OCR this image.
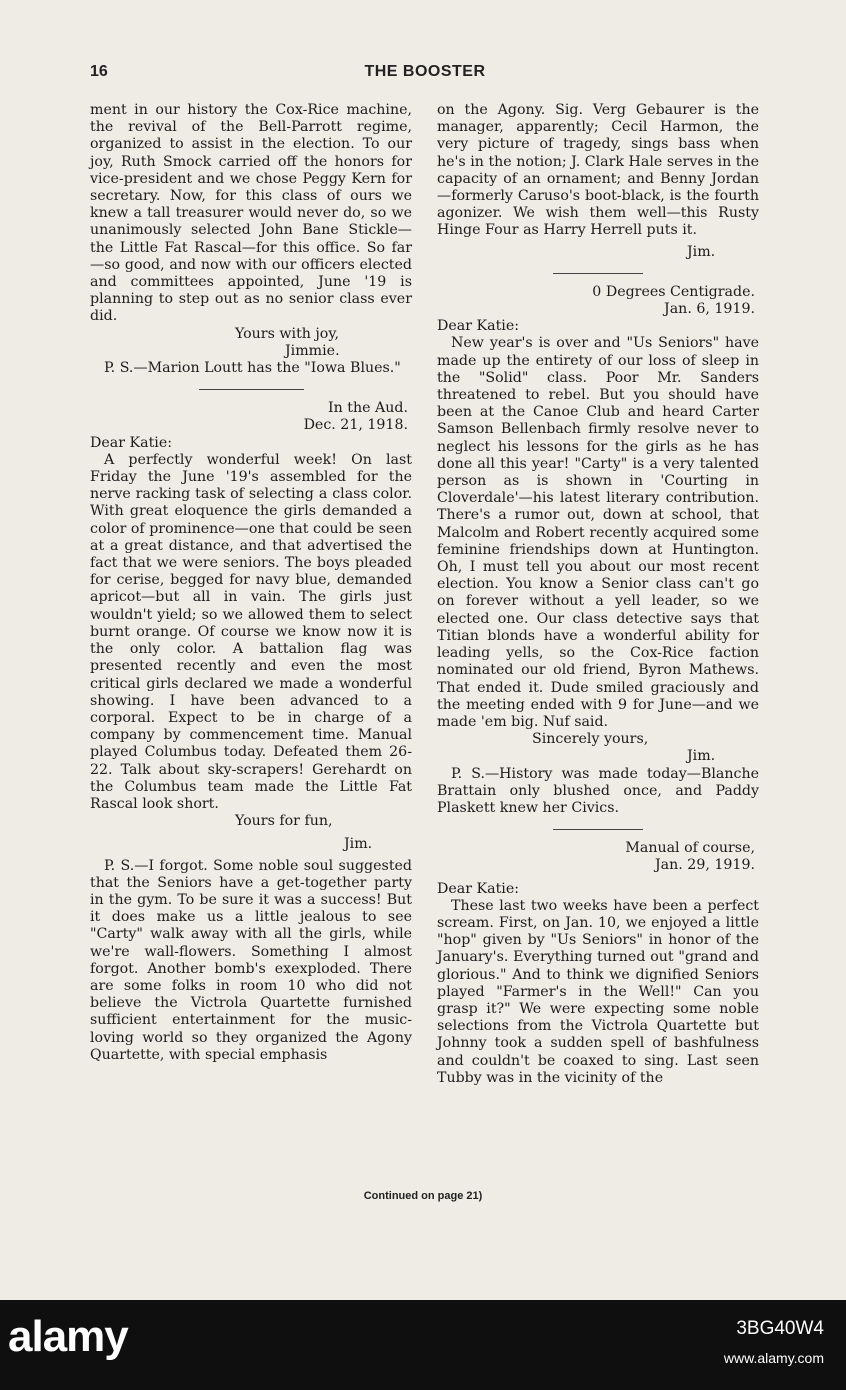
16	THE BOOSTER

ment in our history the Cox-Rice machine, the revival of the Bell-Parrott regime, organized to assist in the election. To our joy, Ruth Smock carried off the honors for vice-president and we chose Peggy Kern for secretary. Now, for this class of ours we knew a tall treasurer would never do, so we unanimously selected John Bane Stickle—the Little Fat Rascal—for this office. So far—so good, and now with our officers elected and committees appointed, June '19 is planning to step out as no senior class ever did.

Yours with joy,

Jimmie.

P. S.—Marion Loutt has the "Iowa Blues."

In the Aud.

Dec. 21, 1918.

Dear Katie:

A perfectly wonderful week! On last Friday the June '19's assembled for the nerve racking task of selecting a class color. With great eloquence the girls demanded a color of prominence—one that could be seen at a great distance, and that advertised the fact that we were seniors. The boys pleaded for cerise, begged for navy blue, demanded apricot—but all in vain. The girls just wouldn't yield; so we allowed them to select burnt orange. Of course we know now it is the only color. A battalion flag was presented recently and even the most critical girls declared we made a wonderful showing. I have been advanced to a corporal. Expect to be in charge of a company by commencement time. Manual played Columbus today. Defeated them 26-22. Talk about sky-scrapers! Gerehardt on the Columbus team made the Little Fat Rascal look short.

Yours for fun,

Jim.

P. S.—I forgot. Some noble soul suggested that the Seniors have a get-together party in the gym. To be sure it was a success! But it does make us a little jealous to see "Carty" walk away with all the girls, while we're wall-flowers. Something I almost forgot. Another bomb's exexploded. There are some folks in room 10 who did not believe the Victrola Quartette furnished sufficient entertainment for the music-loving world so they organized the Agony Quartette, with special emphasis

on the Agony. Sig. Verg Gebaurer is the manager, apparently; Cecil Harmon, the very picture of tragedy, sings bass when he's in the notion; J. Clark Hale serves in the capacity of an ornament; and Benny Jordan—formerly Caruso's boot-black, is the fourth agonizer. We wish them well—this Rusty Hinge Four as Harry Herrell puts it.

Jim.

0 Degrees Centigrade.

Jan. 6, 1919.

Dear Katie:

New year's is over and "Us Seniors" have made up the entirety of our loss of sleep in the "Solid" class. Poor Mr. Sanders threatened to rebel. But you should have been at the Canoe Club and heard Carter Samson Bellenbach firmly resolve never to neglect his lessons for the girls as he has done all this year! "Carty" is a very talented person as is shown in 'Courting in Cloverdale'—his latest literary contribution. There's a rumor out, down at school, that Malcolm and Robert recently acquired some feminine friendships down at Huntington. Oh, I must tell you about our most recent election. You know a Senior class can't go on forever without a yell leader, so we elected one. Our class detective says that Titian blonds have a wonderful ability for leading yells, so the Cox-Rice faction nominated our old friend, Byron Mathews. That ended it. Dude smiled graciously and the meeting ended with 9 for June—and we made 'em big. Nuf said.

Sincerely yours,

Jim.

P. S.—History was made today—Blanche Brattain only blushed once, and Paddy Plaskett knew her Civics.

Manual of course,

Jan. 29, 1919.

Dear Katie:

These last two weeks have been a perfect scream. First, on Jan. 10, we enjoyed a little "hop" given by "Us Seniors" in honor of the January's. Everything turned out "grand and glorious." And to think we dignified Seniors played "Farmer's in the Well!" Can you grasp it?" We were expecting some noble selections from the Victrola Quartette but Johnny took a sudden spell of bashfulness and couldn't be coaxed to sing. Last seen Tubby was in the vicinity of the

Continued on page 21)
alamy	3BG40W4
www.alamy.com
